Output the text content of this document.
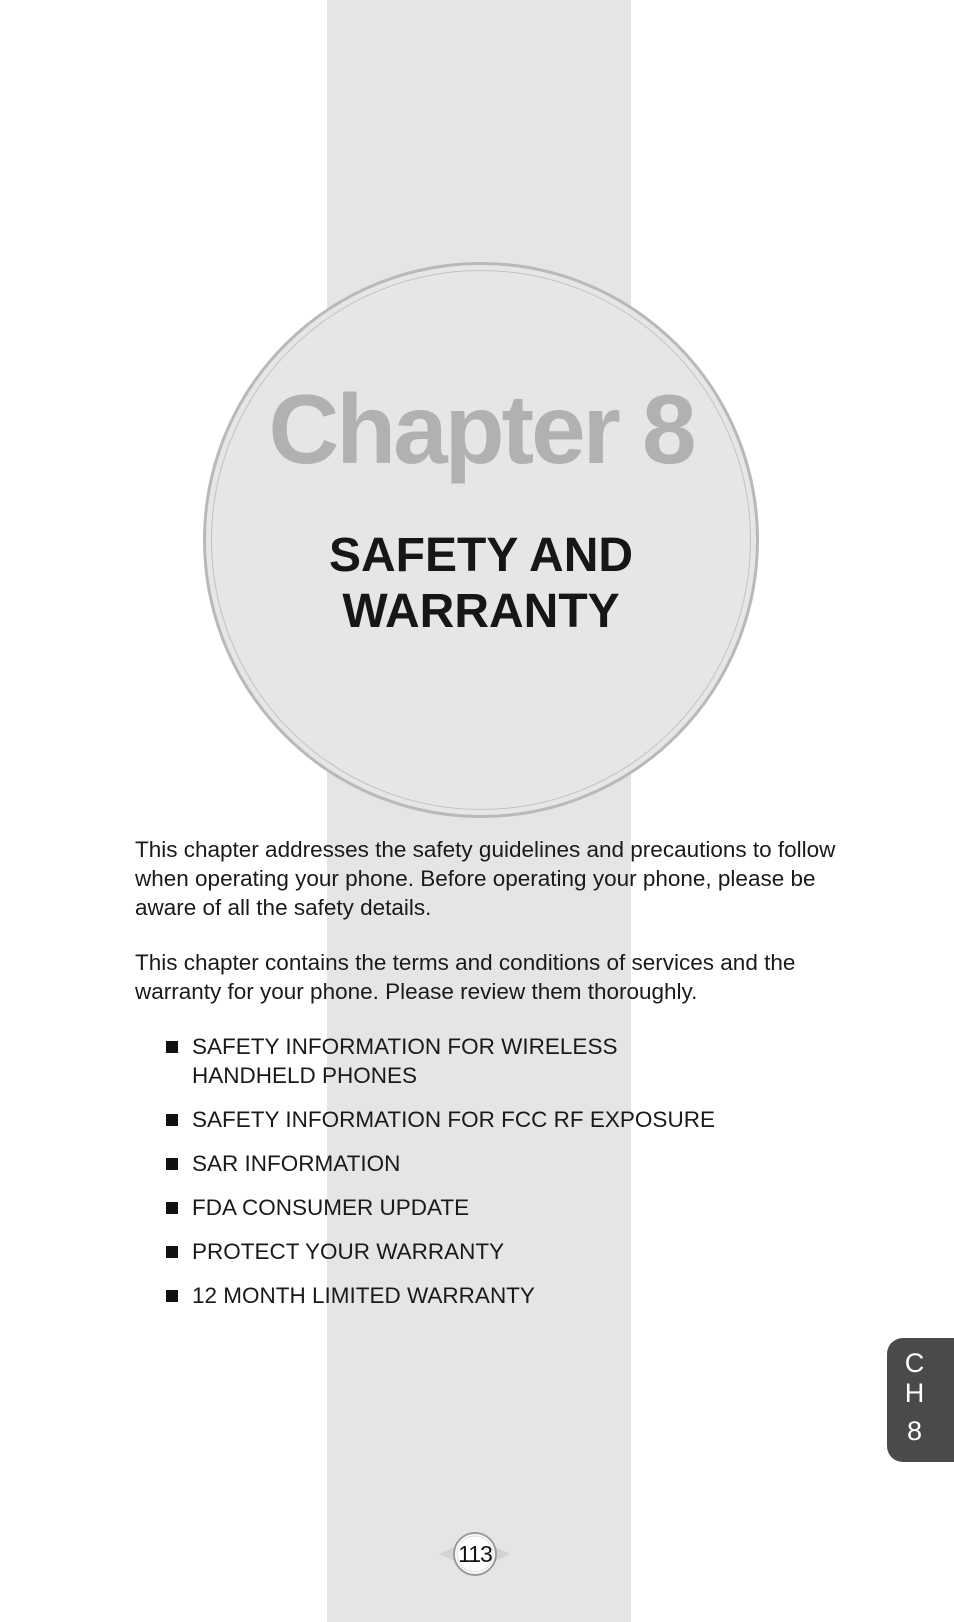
Chapter 8
SAFETY AND
WARRANTY

This chapter addresses the safety guidelines and precautions to follow when operating your phone. Before operating your phone, please be aware of all the safety details.

This chapter contains the terms and conditions of services and the warranty for your phone. Please review them thoroughly.

SAFETY INFORMATION FOR WIRELESS HANDHELD PHONES
SAFETY INFORMATION FOR FCC RF EXPOSURE
SAR INFORMATION
FDA CONSUMER UPDATE
PROTECT YOUR WARRANTY
12 MONTH LIMITED WARRANTY
C
H
8
113
